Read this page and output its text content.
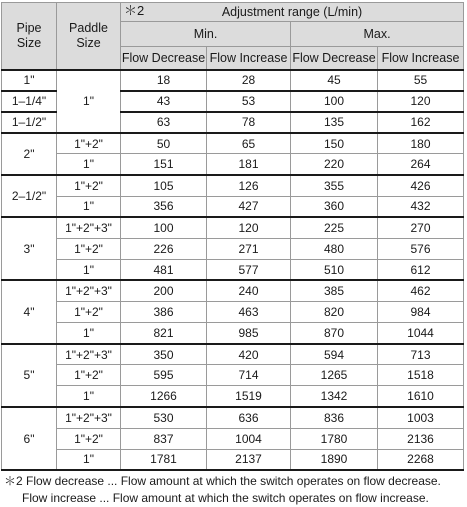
Pipe Size	Paddle Size	＊2 Adjustment range (L/min)			
		Min.		Max.	
		Flow Decrease	Flow Increase	Flow Decrease	Flow Increase
1"	1"	18	28	45	55
1–1/4"		43	53	100	120
1–1/2"		63	78	135	162
2"	1"+2"	50	65	150	180
	1"	151	181	220	264
2–1/2"	1"+2"	105	126	355	426
	1"	356	427	360	432
3"	1"+2"+3"	100	120	225	270
	1"+2"	226	271	480	576
	1"	481	577	510	612
4"	1"+2"+3"	200	240	385	462
	1"+2"	386	463	820	984
	1"	821	985	870	1044
5"	1"+2"+3"	350	420	594	713
	1"+2"	595	714	1265	1518
	1"	1266	1519	1342	1610
6"	1"+2"+3"	530	636	836	1003
	1"+2"	837	1004	1780	2136
	1"	1781	2137	1890	2268
＊2 Flow decrease ... Flow amount at which the switch operates on flow decrease.
Flow increase ... Flow amount at which the switch operates on flow increase.
